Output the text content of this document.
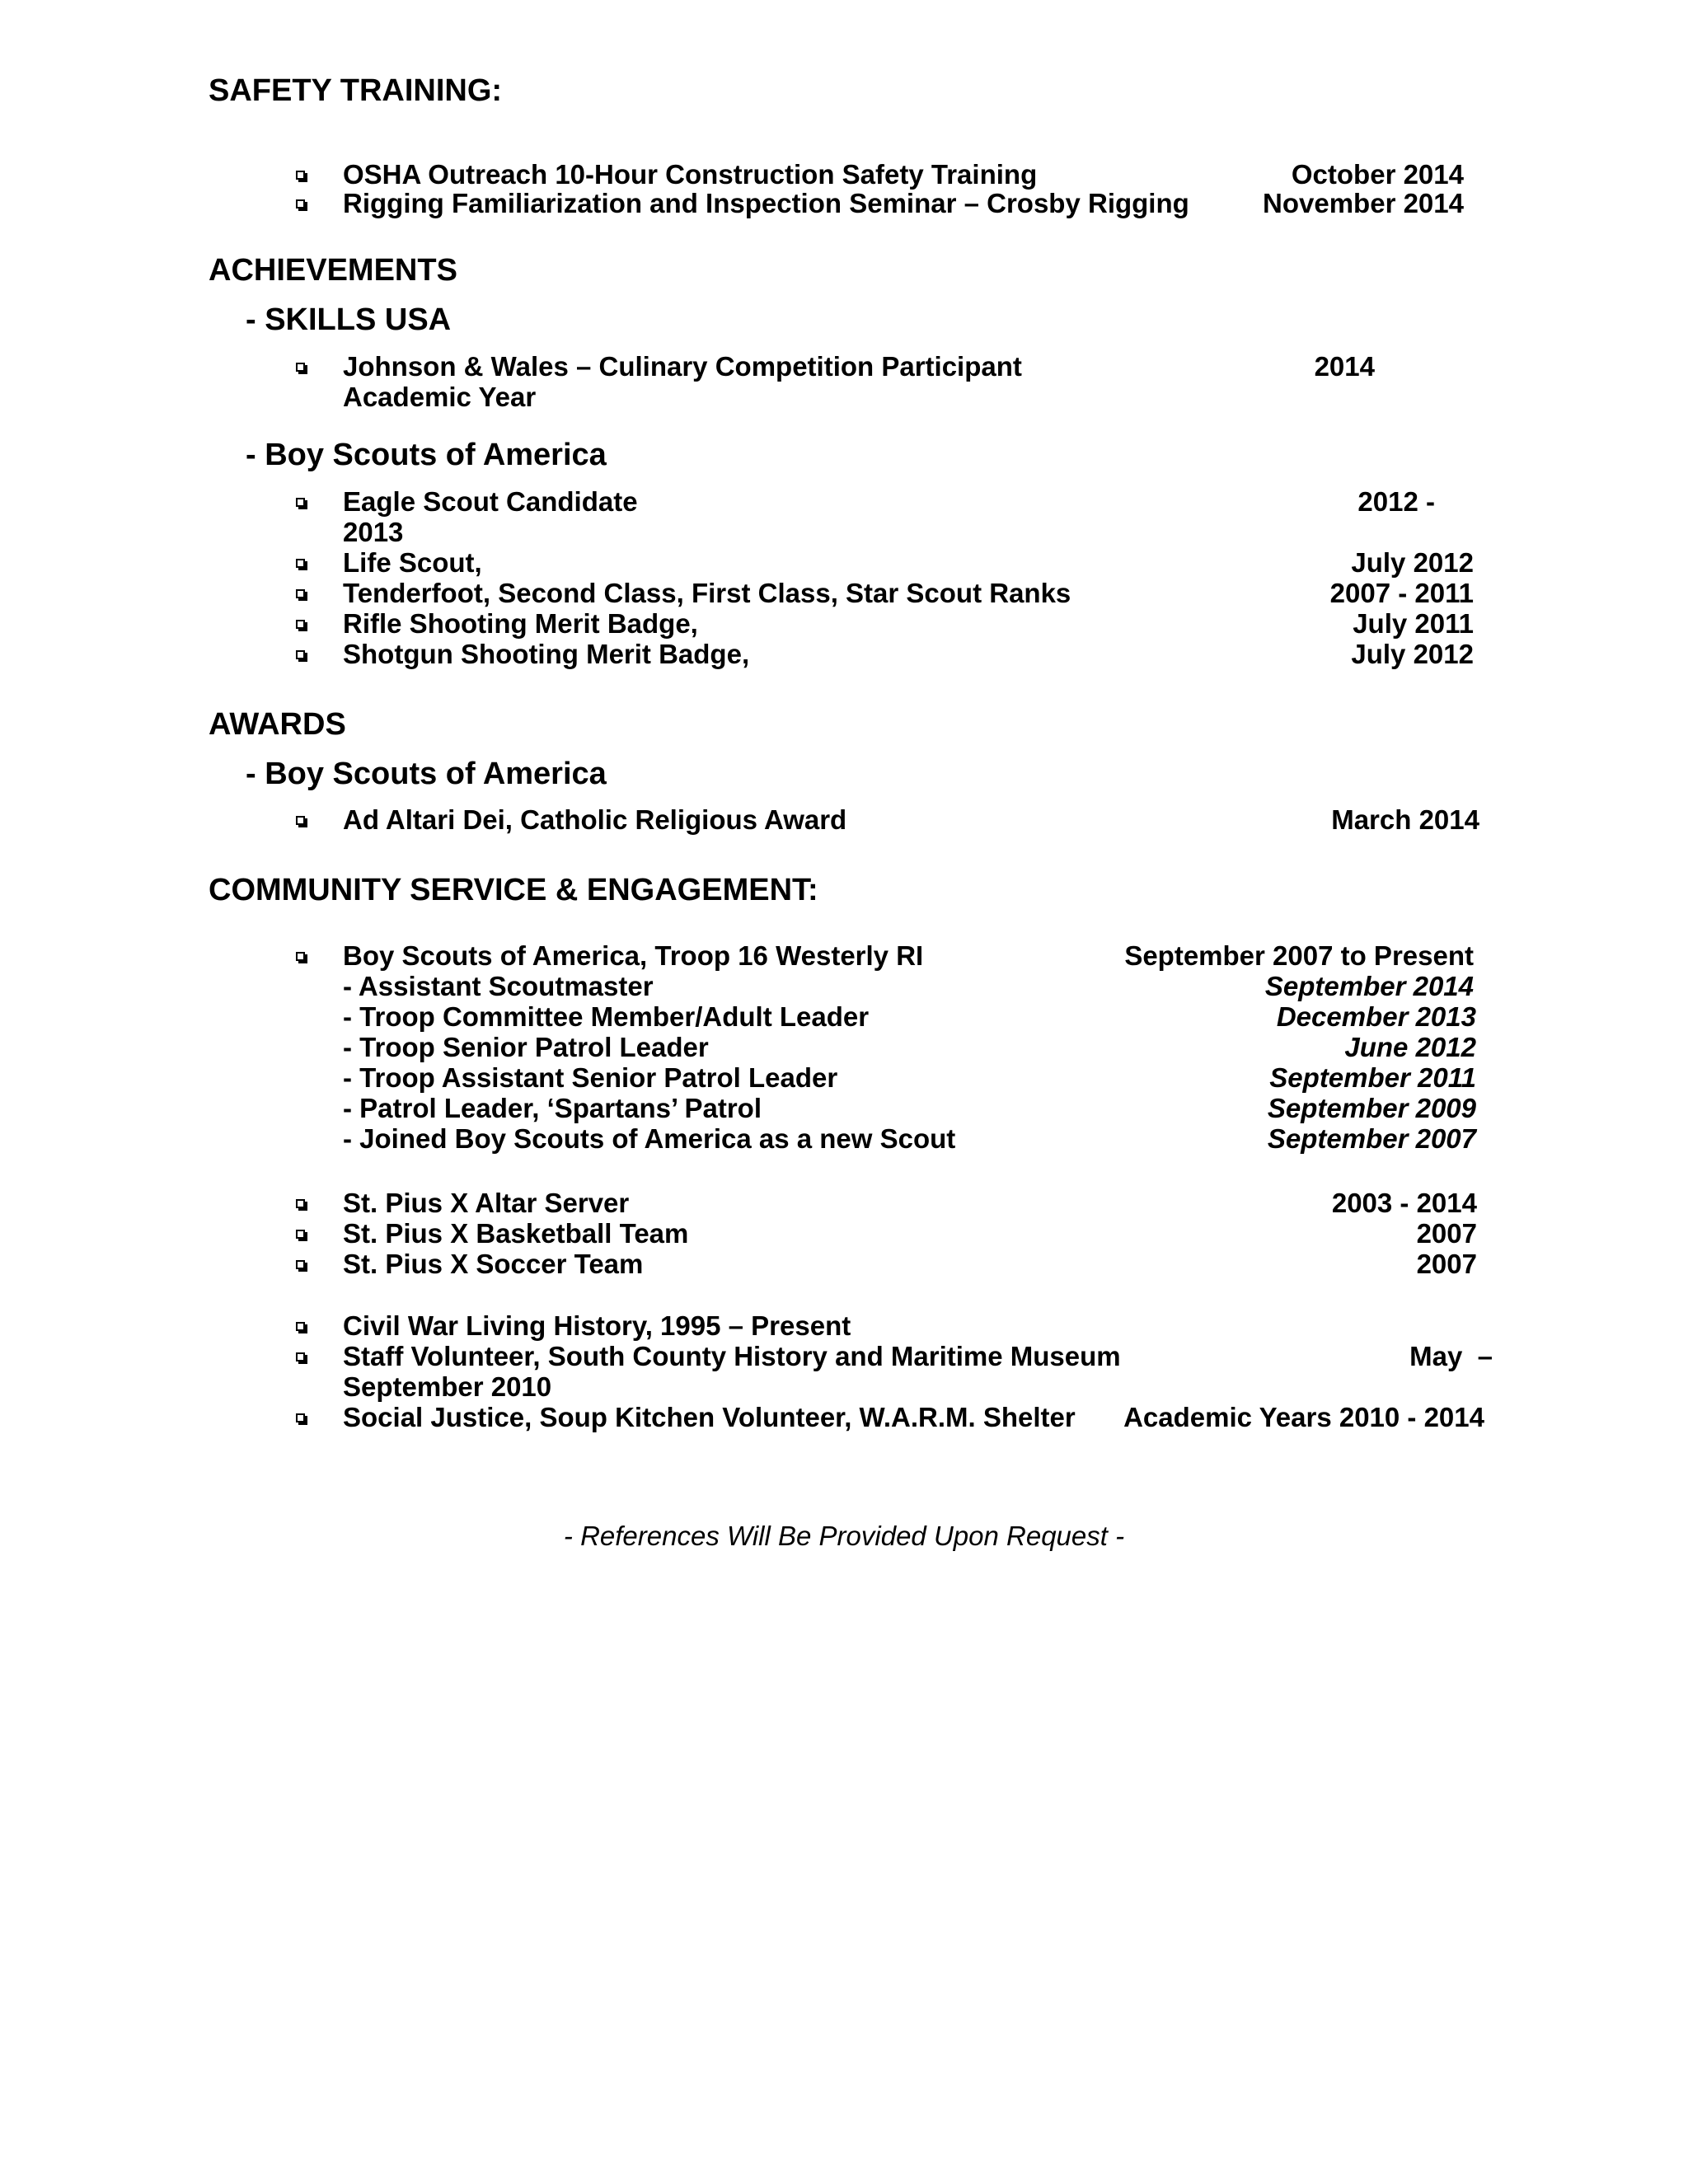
SAFETY TRAINING:
OSHA Outreach 10-Hour Construction Safety Training	October 2014
Rigging Familiarization and Inspection Seminar – Crosby Rigging	November 2014
ACHIEVEMENTS
- SKILLS USA
Johnson & Wales – Culinary Competition Participant	2014
Academic Year
- Boy Scouts of America
Eagle Scout Candidate	2012 -
2013
Life Scout,	July 2012
Tenderfoot, Second Class, First Class, Star Scout Ranks	2007 - 2011
Rifle Shooting Merit Badge,	July 2011
Shotgun Shooting Merit Badge,	July 2012
AWARDS
- Boy Scouts of America
Ad Altari Dei, Catholic Religious Award	March 2014
COMMUNITY SERVICE & ENGAGEMENT:
Boy Scouts of America, Troop 16 Westerly RI	September 2007 to Present
- Assistant Scoutmaster	September 2014
- Troop Committee Member/Adult Leader	December 2013
- Troop Senior Patrol Leader	June 2012
- Troop Assistant Senior Patrol Leader	September 2011
- Patrol Leader, ‘Spartans’ Patrol	September 2009
- Joined Boy Scouts of America as a new Scout	September 2007
St. Pius X Altar Server	2003 - 2014
St. Pius X Basketball Team	2007
St. Pius X Soccer Team	2007
Civil War Living History, 1995 – Present
Staff Volunteer, South County History and Maritime Museum	May  –
September 2010
Social Justice, Soup Kitchen Volunteer, W.A.R.M. Shelter Academic Years 2010 - 2014
- References Will Be Provided Upon Request -
